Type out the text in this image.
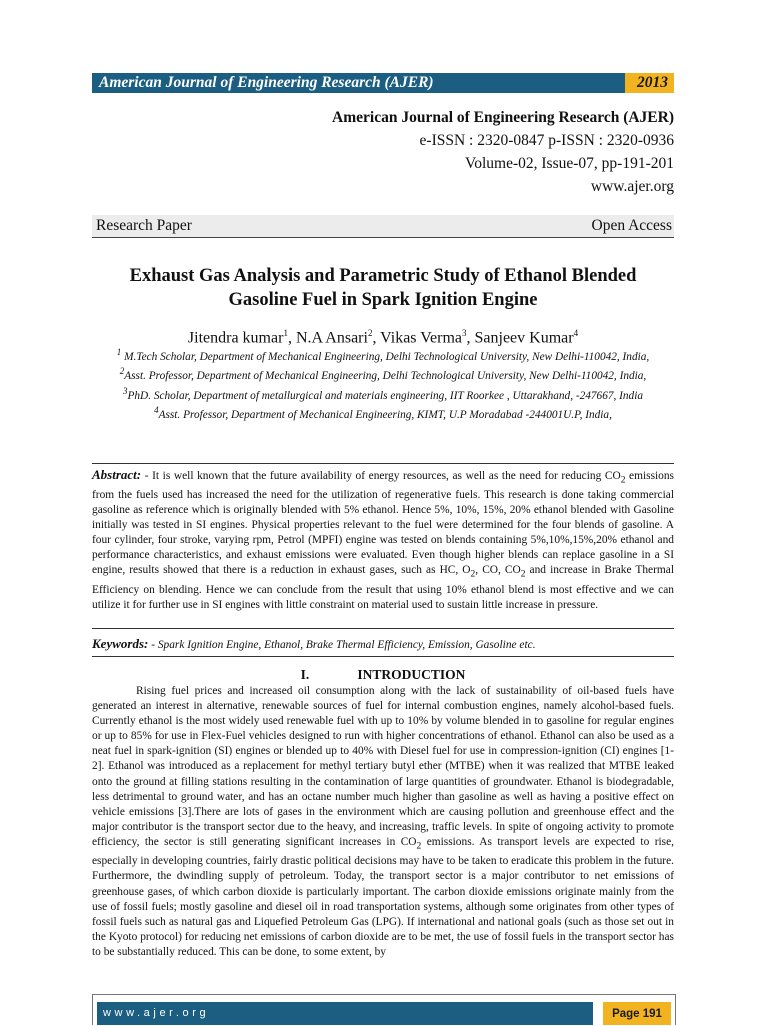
American Journal of Engineering Research (AJER)	2013
American Journal of Engineering Research (AJER)
e-ISSN : 2320-0847 p-ISSN : 2320-0936
Volume-02, Issue-07, pp-191-201
www.ajer.org
Research Paper	Open Access
Exhaust Gas Analysis and Parametric Study of Ethanol Blended
Gasoline Fuel in Spark Ignition Engine
Jitendra kumar$^1$, N.A Ansari$^2$, Vikas Verma$^3$, Sanjeev Kumar$^4$
$^1$ M.Tech Scholar, Department of Mechanical Engineering, Delhi Technological University, New Delhi-110042, India,
$^2$Asst. Professor, Department of Mechanical Engineering, Delhi Technological University, New Delhi-110042, India,
$^3$PhD. Scholar, Department of metallurgical and materials engineering, IIT Roorkee , Uttarakhand, -247667, India
$^4$Asst. Professor, Department of Mechanical Engineering, KIMT, U.P Moradabad -244001U.P, India,
Abstract: - It is well known that the future availability of energy resources, as well as the need for reducing $CO_2$ emissions from the fuels used has increased the need for the utilization of regenerative fuels. This research is done taking commercial gasoline as reference which is originally blended with 5% ethanol. Hence 5%, 10%, 15%, 20% ethanol blended with Gasoline initially was tested in SI engines. Physical properties relevant to the fuel were determined for the four blends of gasoline. A four cylinder, four stroke, varying rpm, Petrol (MPFI) engine was tested on blends containing 5%,10%,15%,20% ethanol and performance characteristics, and exhaust emissions were evaluated. Even though higher blends can replace gasoline in a SI engine, results showed that there is a reduction in exhaust gases, such as HC, $O_2$, CO, $CO_2$ and increase in Brake Thermal Efficiency on blending. Hence we can conclude from the result that using 10% ethanol blend is most effective and we can utilize it for further use in SI engines with little constraint on material used to sustain little increase in pressure.
Keywords: - Spark Ignition Engine, Ethanol, Brake Thermal Efficiency, Emission, Gasoline etc.
I.	INTRODUCTION
Rising fuel prices and increased oil consumption along with the lack of sustainability of oil-based fuels have generated an interest in alternative, renewable sources of fuel for internal combustion engines, namely alcohol-based fuels. Currently ethanol is the most widely used renewable fuel with up to 10% by volume blended in to gasoline for regular engines or up to 85% for use in Flex-Fuel vehicles designed to run with higher concentrations of ethanol. Ethanol can also be used as a neat fuel in spark-ignition (SI) engines or blended up to 40% with Diesel fuel for use in compression-ignition (CI) engines [1-2]. Ethanol was introduced as a replacement for methyl tertiary butyl ether (MTBE) when it was realized that MTBE leaked onto the ground at filling stations resulting in the contamination of large quantities of groundwater. Ethanol is biodegradable, less detrimental to ground water, and has an octane number much higher than gasoline as well as having a positive effect on vehicle emissions [3].There are lots of gases in the environment which are causing pollution and greenhouse effect and the major contributor is the transport sector due to the heavy, and increasing, traffic levels. In spite of ongoing activity to promote efficiency, the sector is still generating significant increases in $CO_2$ emissions. As transport levels are expected to rise, especially in developing countries, fairly drastic political decisions may have to be taken to eradicate this problem in the future. Furthermore, the dwindling supply of petroleum. Today, the transport sector is a major contributor to net emissions of greenhouse gases, of which carbon dioxide is particularly important. The carbon dioxide emissions originate mainly from the use of fossil fuels; mostly gasoline and diesel oil in road transportation systems, although some originates from other types of fossil fuels such as natural gas and Liquefied Petroleum Gas (LPG). If international and national goals (such as those set out in the Kyoto protocol) for reducing net emissions of carbon dioxide are to be met, the use of fossil fuels in the transport sector has to be substantially reduced. This can be done, to some extent, by
www.ajer.org	Page 191
